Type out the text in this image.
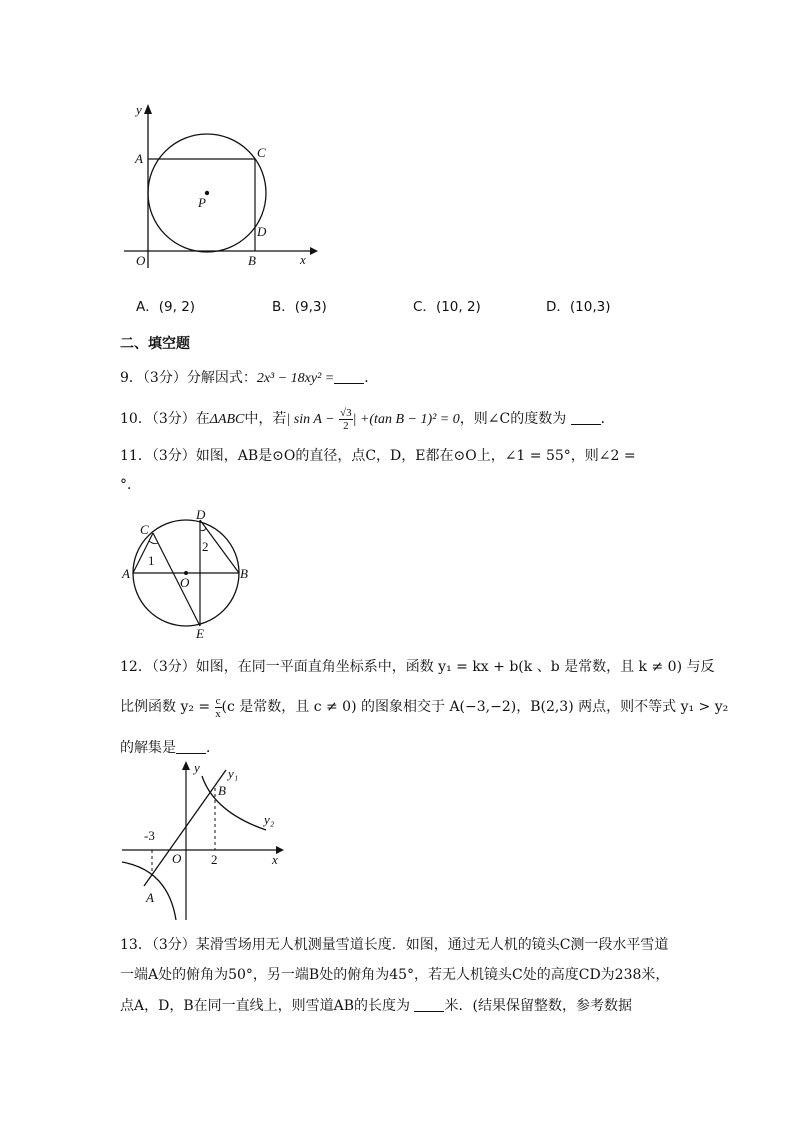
y
A	C
P
D
O	B	x
A．(9, 2)	B．(9,3)	C．(10, 2)	D．(10,3)
二、填空题
9．（3分）分解因式：2x³ − 18xy² = ．
10．（3分）在ΔABC中，若| $\sin A - \frac{√3}{2}$ | +(tan B − 1)² = 0，则∠C的度数为 ．
11．（3分）如图，AB是⊙O的直径，点C，D，E都在⊙O上，∠1 = 55°，则∠2 =
°．
C
D
1
2
A
O
B
E
12．（3分）如图，在同一平面直角坐标系中，函数 y₁ = kx + b(k 、b 是常数，且 k ≠ 0) 与反
比例函数 $y_2 = \frac{c}{x} (c$ 是常数，且 c ≠ 0) 的图象相交于 A(−3,−2)，B(2,3) 两点，则不等式 y₁ > y₂
的解集是 ．
y y₁
B
y₂
-3
O 2	x
A
13．（3分）某滑雪场用无人机测量雪道长度．如图，通过无人机的镜头C测一段水平雪道
一端A处的俯角为50°，另一端B处的俯角为45°，若无人机镜头C处的高度CD为238米，
点A，D，B在同一直线上，则雪道AB的长度为 米．(结果保留整数，参考数据
